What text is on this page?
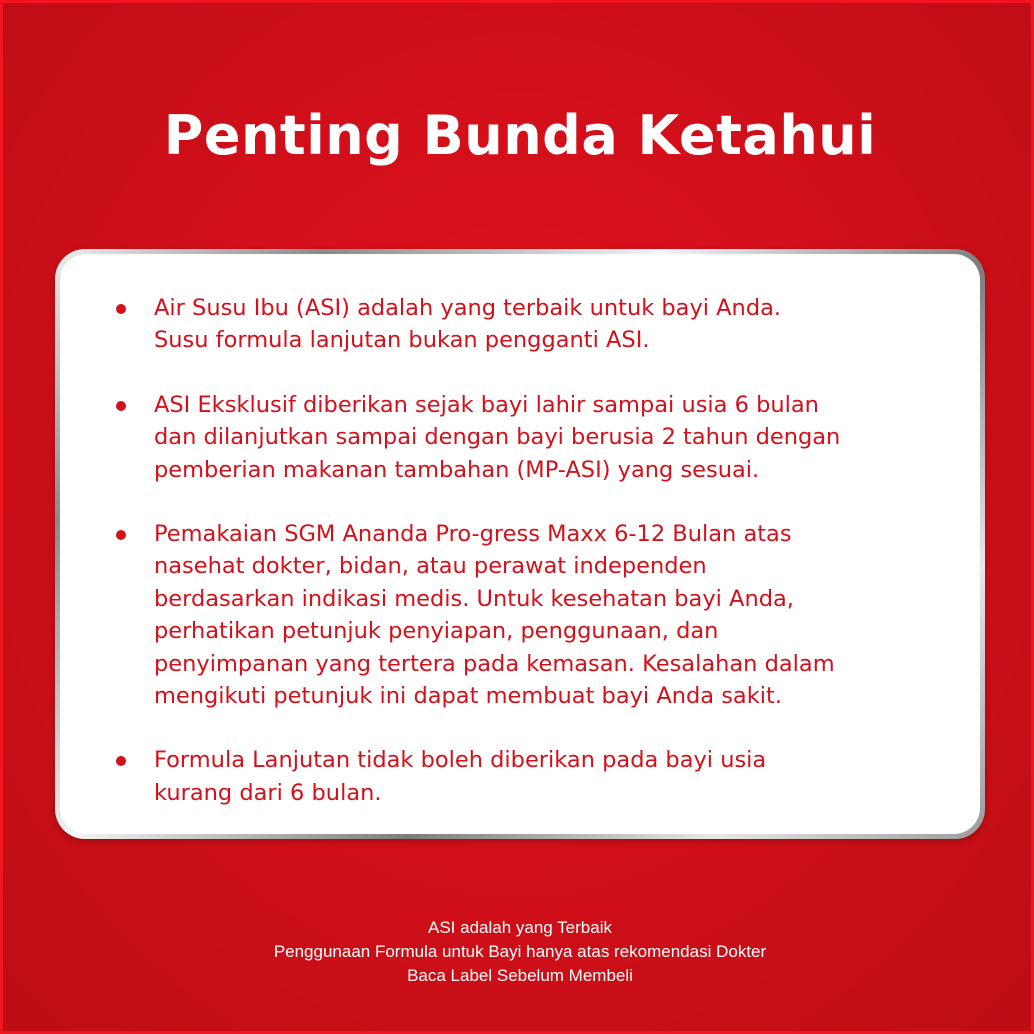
Penting Bunda Ketahui
Air Susu Ibu (ASI) adalah yang terbaik untuk bayi Anda.
Susu formula lanjutan bukan pengganti ASI.
ASI Eksklusif diberikan sejak bayi lahir sampai usia 6 bulan
dan dilanjutkan sampai dengan bayi berusia 2 tahun dengan
pemberian makanan tambahan (MP-ASI) yang sesuai.
Pemakaian SGM Ananda Pro-gress Maxx 6-12 Bulan atas
nasehat dokter, bidan, atau perawat independen
berdasarkan indikasi medis. Untuk kesehatan bayi Anda,
perhatikan petunjuk penyiapan, penggunaan, dan
penyimpanan yang tertera pada kemasan. Kesalahan dalam
mengikuti petunjuk ini dapat membuat bayi Anda sakit.
Formula Lanjutan tidak boleh diberikan pada bayi usia
kurang dari 6 bulan.
ASI adalah yang Terbaik
Penggunaan Formula untuk Bayi hanya atas rekomendasi Dokter
Baca Label Sebelum Membeli
